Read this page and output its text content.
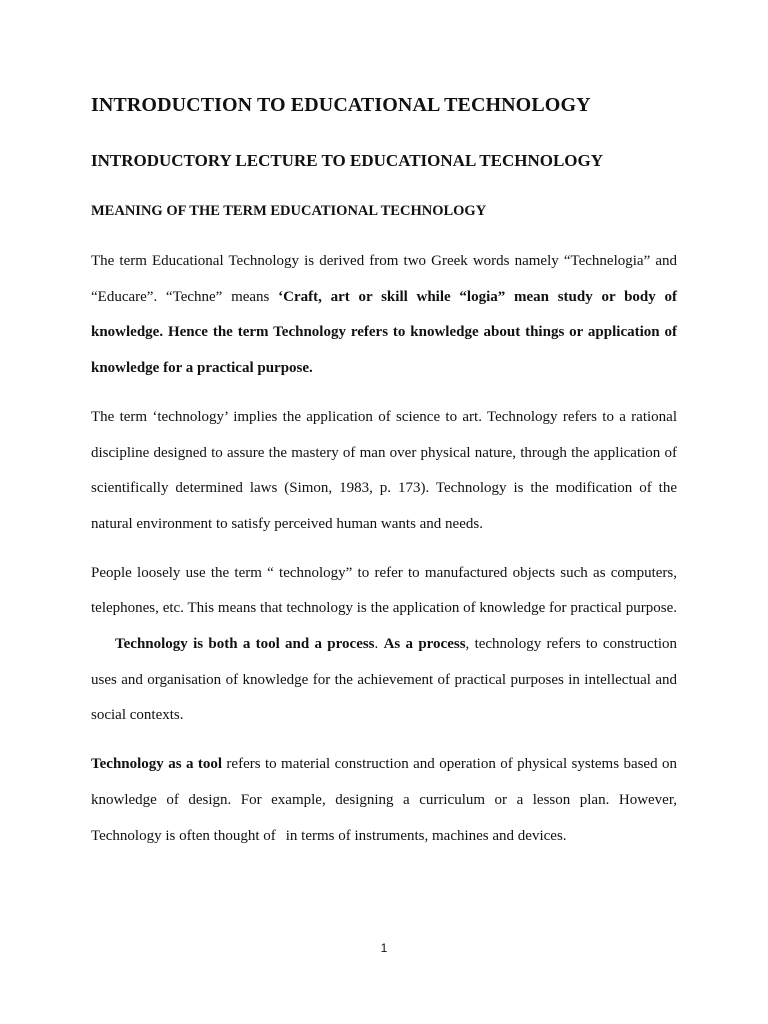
INTRODUCTION TO EDUCATIONAL TECHNOLOGY
INTRODUCTORY LECTURE TO EDUCATIONAL TECHNOLOGY
MEANING OF THE TERM EDUCATIONAL TECHNOLOGY

The term Educational Technology is derived from two Greek words namely “Technelogia” and “Educare”. “Techne” means ‘Craft, art or skill while “logia” mean study or body of knowledge. Hence the term Technology refers to knowledge about things or application of knowledge for a practical purpose.

The term ‘technology’ implies the application of science to art. Technology refers to a rational discipline designed to assure the mastery of man over physical nature, through the application of scientifically determined laws (Simon, 1983, p. 173). Technology is the modification of the natural environment to satisfy perceived human wants and needs.

People loosely use the term “ technology” to refer to manufactured objects such as computers, telephones, etc. This means that technology is the application of knowledge for practical purpose.Technology is both a tool and a process. As a process, technology refers to construction uses and organisation of knowledge for the achievement of practical purposes in intellectual and social contexts.

Technology as a tool refers to material construction and operation of physical systems based on knowledge of design. For example, designing a curriculum or a lesson plan. However, Technology is often thought of in terms of instruments, machines and devices.

1
